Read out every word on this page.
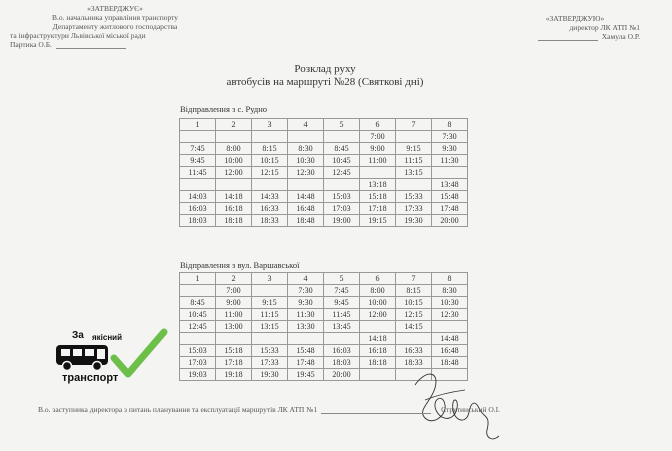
«ЗАТВЕРДЖУЄ»
В.о. начальника управління транспорту
Департаменту житлового господарства
та інфраструктури Львівської міської ради
Партика О.Б.
«ЗАТВЕРДЖУЮ»
директор ЛК АТП №1
Хамула О.Р.
Розклад руху
автобусів на маршруті №28 (Святкові дні)
Відправлення з с. Рудно
1	2	3	4	5	6	7	8
					7:00		7:30
7:45	8:00	8:15	8:30	8:45	9:00	9:15	9:30
9:45	10:00	10:15	10:30	10:45	11:00	11:15	11:30
11:45	12:00	12:15	12:30	12:45		13:15	
					13:18		13:48
14:03	14:18	14:33	14:48	15:03	15:18	15:33	15:48
16:03	16:18	16:33	16:48	17:03	17:18	17:33	17:48
18:03	18:18	18:33	18:48	19:00	19:15	19:30	20:00
Відправлення з вул. Варшавської
1	2	3	4	5	6	7	8
	7:00		7:30	7:45	8:00	8:15	8:30
8:45	9:00	9:15	9:30	9:45	10:00	10:15	10:30
10:45	11:00	11:15	11:30	11:45	12:00	12:15	12:30
12:45	13:00	13:15	13:30	13:45		14:15	
					14:18		14:48
15:03	15:18	15:33	15:48	16:03	16:18	16:33	16:48
17:03	17:18	17:33	17:48	18:03	18:18	18:33	18:48
19:03	19:18	19:30	19:45	20:00			
За якісний
транспорт
В.о. заступника директора з питань планування та експлуатації маршрутів ЛК АТП №1	Струтинський О.І.
